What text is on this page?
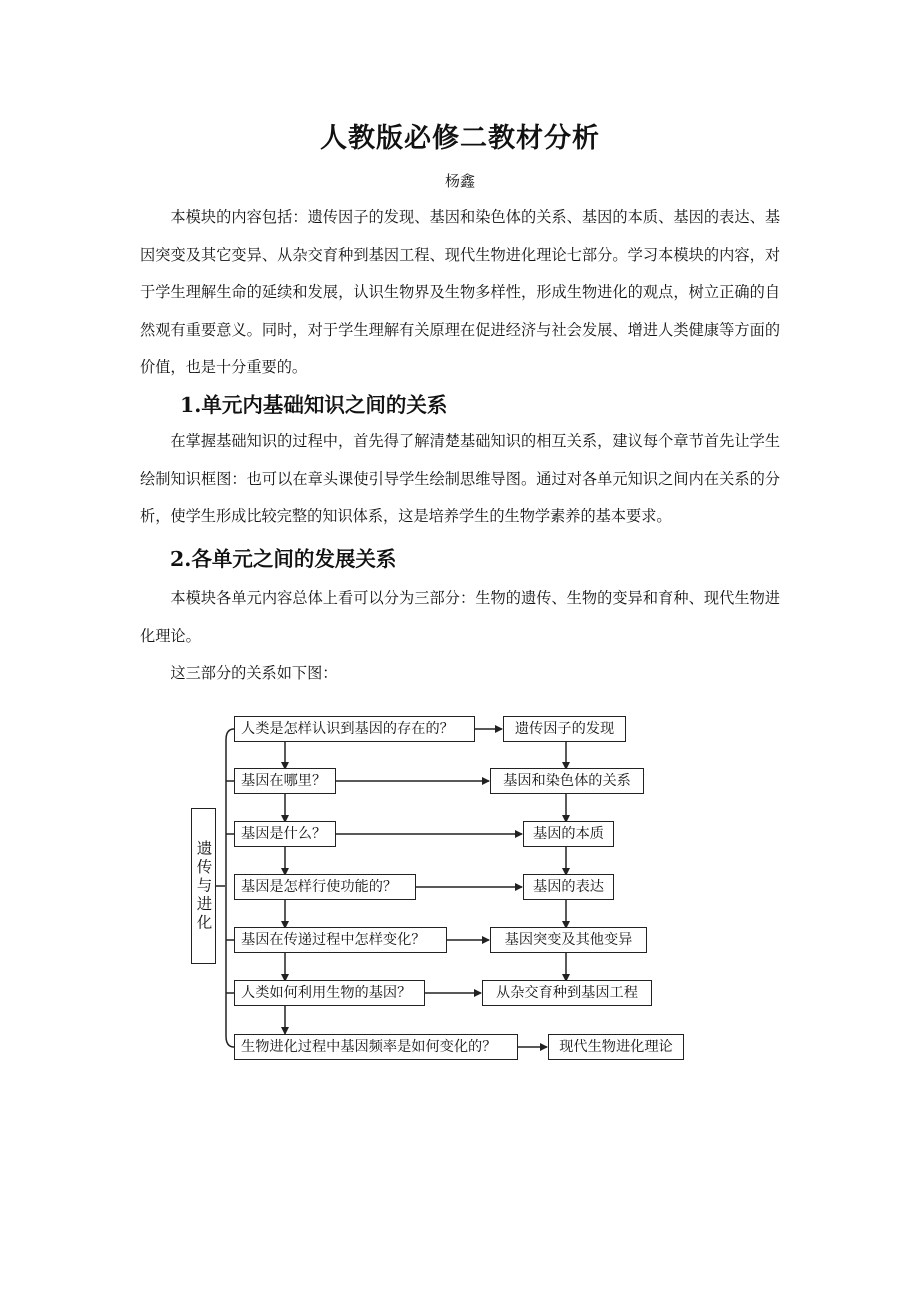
人教版必修二教材分析

杨鑫

本模块的内容包括：遗传因子的发现、基因和染色体的关系、基因的本质、基因的表达、基因突变及其它变异、从杂交育种到基因工程、现代生物进化理论七部分。学习本模块的内容，对于学生理解生命的延续和发展，认识生物界及生物多样性，形成生物进化的观点，树立正确的自然观有重要意义。同时，对于学生理解有关原理在促进经济与社会发展、增进人类健康等方面的价值，也是十分重要的。

1.单元内基础知识之间的关系

在掌握基础知识的过程中，首先得了解清楚基础知识的相互关系，建议每个章节首先让学生绘制知识框图：也可以在章头课使引导学生绘制思维导图。通过对各单元知识之间内在关系的分析，使学生形成比较完整的知识体系，这是培养学生的生物学素养的基本要求。

2.各单元之间的发展关系

本模块各单元内容总体上看可以分为三部分：生物的遗传、生物的变异和育种、现代生物进化理论。

这三部分的关系如下图：

遗传与进化
人类是怎样认识到基因的存在的？
基因在哪里？
基因是什么？
基因是怎样行使功能的？
基因在传递过程中怎样变化？
人类如何利用生物的基因？
生物进化过程中基因频率是如何变化的？
遗传因子的发现
基因和染色体的关系
基因的本质
基因的表达
基因突变及其他变异
从杂交育种到基因工程
现代生物进化理论
